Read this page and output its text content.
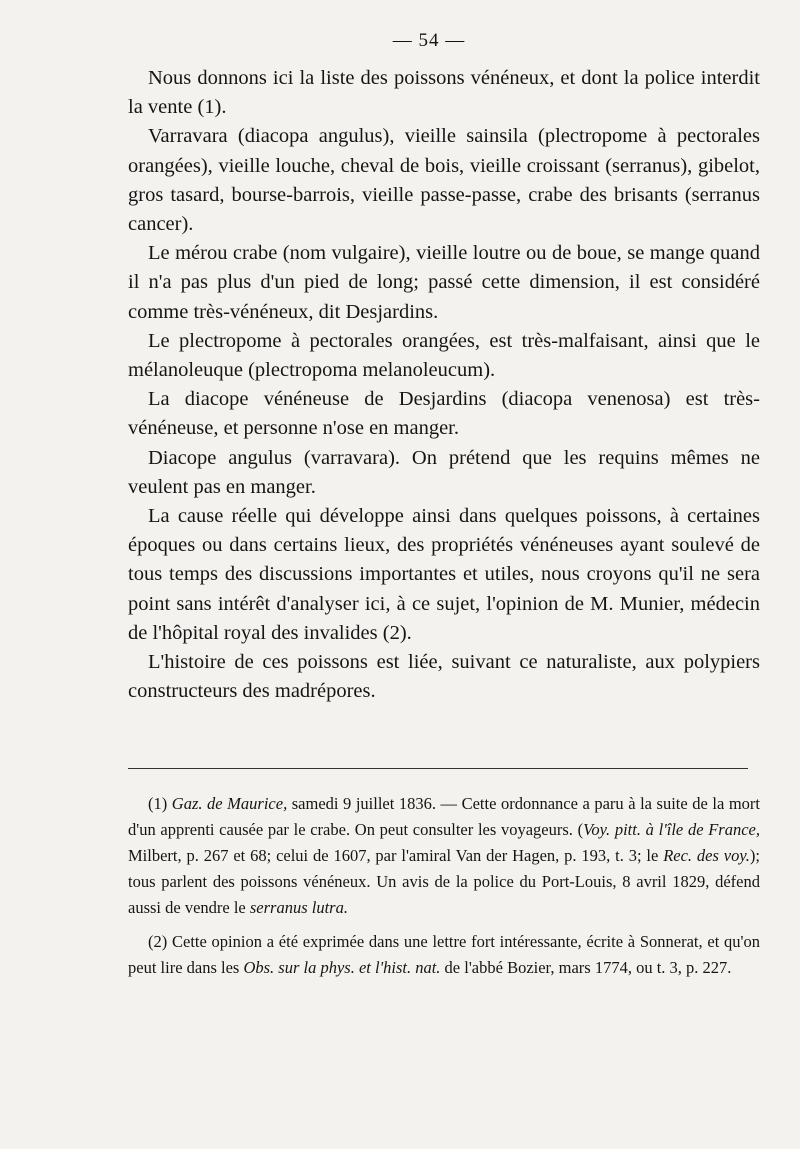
— 54 —

Nous donnons ici la liste des poissons vénéneux, et dont la police interdit la vente (1).

Varravara (diacopa angulus), vieille sainsila (plectropome à pectorales orangées), vieille louche, cheval de bois, vieille croissant (serranus), gibelot, gros tasard, bourse-barrois, vieille passe-passe, crabe des brisants (serranus cancer).

Le mérou crabe (nom vulgaire), vieille loutre ou de boue, se mange quand il n'a pas plus d'un pied de long; passé cette dimension, il est considéré comme très-vénéneux, dit Desjardins.

Le plectropome à pectorales orangées, est très-malfaisant, ainsi que le mélanoleuque (plectropoma melanoleucum).

La diacope vénéneuse de Desjardins (diacopa venenosa) est très-vénéneuse, et personne n'ose en manger.

Diacope angulus (varravara). On prétend que les requins mêmes ne veulent pas en manger.

La cause réelle qui développe ainsi dans quelques poissons, à certaines époques ou dans certains lieux, des propriétés vénéneuses ayant soulevé de tous temps des discussions importantes et utiles, nous croyons qu'il ne sera point sans intérêt d'analyser ici, à ce sujet, l'opinion de M. Munier, médecin de l'hôpital royal des invalides (2).

L'histoire de ces poissons est liée, suivant ce naturaliste, aux polypiers constructeurs des madrépores.

(1) Gaz. de Maurice, samedi 9 juillet 1836. — Cette ordonnance a paru à la suite de la mort d'un apprenti causée par le crabe. On peut consulter les voyageurs. (Voy. pitt. à l'île de France, Milbert, p. 267 et 68; celui de 1607, par l'amiral Van der Hagen, p. 193, t. 3; le Rec. des voy.); tous parlent des poissons vénéneux. Un avis de la police du Port-Louis, 8 avril 1829, défend aussi de vendre le serranus lutra.

(2) Cette opinion a été exprimée dans une lettre fort intéressante, écrite à Sonnerat, et qu'on peut lire dans les Obs. sur la phys. et l'hist. nat. de l'abbé Bozier, mars 1774, ou t. 3, p. 227.
